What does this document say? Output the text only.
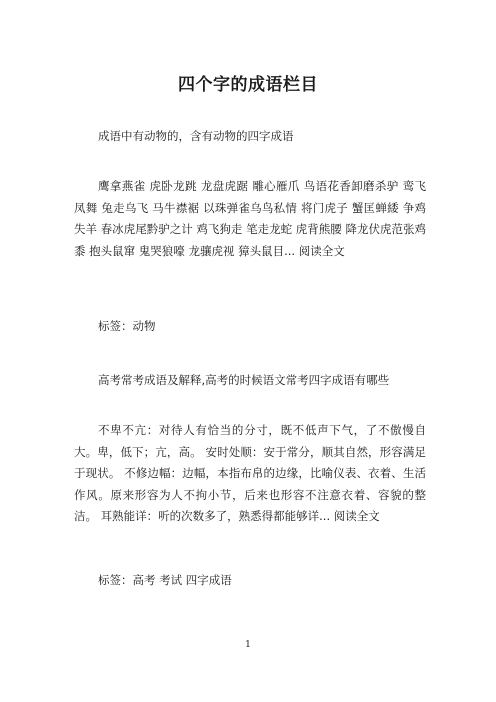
四个字的成语栏目
成语中有动物的，含有动物的四字成语

鹰拿燕雀 虎卧龙跳 龙盘虎踞 雕心雁爪 鸟语花香卸磨杀驴 鸾飞凤舞 兔走乌飞 马牛襟裾 以珠弹雀乌鸟私情 将门虎子 蟹匡蝉緌 争鸡失羊 春冰虎尾黔驴之计 鸡飞狗走 笔走龙蛇 虎背熊腰 降龙伏虎范张鸡黍 抱头鼠窜 鬼哭狼嚎 龙骧虎视 獐头鼠目... 阅读全文

标签：动物
高考常考成语及解释,高考的时候语文常考四字成语有哪些

不卑不亢：对待人有恰当的分寸，既不低声下气，了不傲慢自大。卑，低下；亢，高。 安时处顺：安于常分，顺其自然，形容满足于现状。 不修边幅：边幅，本指布帛的边缘，比喻仪表、衣着、生活作风。原来形容为人不拘小节，后来也形容不注意衣着、容貌的整洁。 耳熟能详：听的次数多了，熟悉得都能够详... 阅读全文

标签：高考 考试 四字成语
1
